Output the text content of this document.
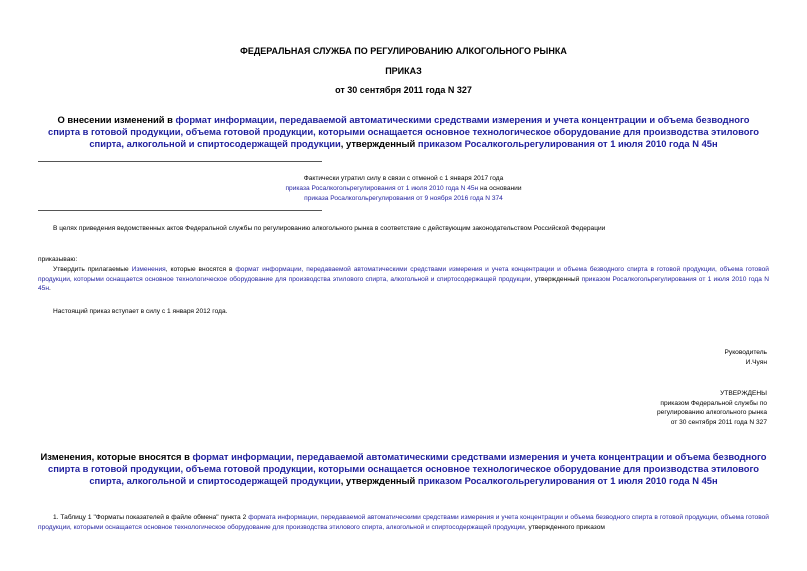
ФЕДЕРАЛЬНАЯ СЛУЖБА ПО РЕГУЛИРОВАНИЮ АЛКОГОЛЬНОГО РЫНКА
ПРИКАЗ
от 30 сентября 2011 года N 327
О внесении изменений в формат информации, передаваемой автоматическими средствами измерения и учета концентрации и объема безводного спирта в готовой продукции, объема готовой продукции, которыми оснащается основное технологическое оборудование для производства этилового спирта, алкогольной и спиртосодержащей продукции, утвержденный приказом Росалкогольрегулирования от 1 июля 2010 года N 45н
Фактически утратил силу в связи с отменой с 1 января 2017 года
приказа Росалкогольрегулирования от 1 июля 2010 года N 45н на основании
приказа Росалкогольрегулирования от 9 ноября 2016 года N 374
В целях приведения ведомственных актов Федеральной службы по регулированию алкогольного рынка в соответствие с действующим законодательством Российской Федерации
приказываю:
Утвердить прилагаемые Изменения, которые вносятся в формат информации, передаваемой автоматическими средствами измерения и учета концентрации и объема безводного спирта в готовой продукции, объема готовой продукции, которыми оснащается основное технологическое оборудование для производства этилового спирта, алкогольной и спиртосодержащей продукции, утвержденный приказом Росалкогольрегулирования от 1 июля 2010 года N 45н.
Настоящий приказ вступает в силу с 1 января 2012 года.
Руководитель
И.Чуян
УТВЕРЖДЕНЫ
приказом Федеральной службы по
регулированию алкогольного рынка
от 30 сентября 2011 года N 327
Изменения, которые вносятся в формат информации, передаваемой автоматическими средствами измерения и учета концентрации и объема безводного спирта в готовой продукции, объема готовой продукции, которыми оснащается основное технологическое оборудование для производства этилового спирта, алкогольной и спиртосодержащей продукции, утвержденный приказом Росалкогольрегулирования от 1 июля 2010 года N 45н
1. Таблицу 1 "Форматы показателей в файле обмена" пункта 2 формата информации, передаваемой автоматическими средствами измерения и учета концентрации и объема безводного спирта в готовой продукции, объема готовой продукции, которыми оснащается основное технологическое оборудование для производства этилового спирта, алкогольной и спиртосодержащей продукции, утвержденного приказом
